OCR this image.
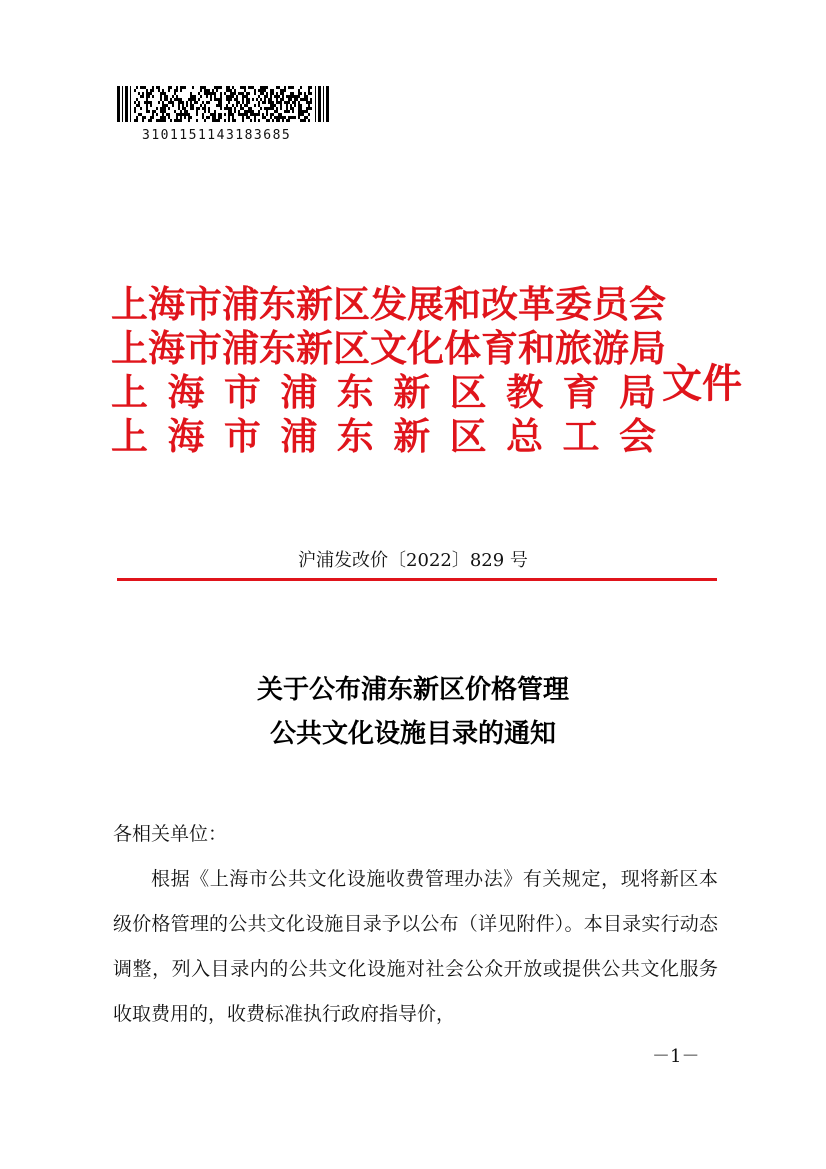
3101151143183685
上 海 市 浦 东 新 区 发 展 和 改 革 委 员 会
上 海 市 浦 东 新 区 文 化 体 育 和 旅 游 局
上 海 市 浦 东 新 区 教 育 局
上 海 市 浦 东 新 区 总 工 会
文件
沪浦发改价〔2022〕829 号
关于公布浦东新区价格管理
公共文化设施目录的通知

各相关单位：

根据《上海市公共文化设施收费管理办法》有关规定，现将新区本级价格管理的公共文化设施目录予以公布（详见附件）。本目录实行动态调整，列入目录内的公共文化设施对社会公众开放或提供公共文化服务收取费用的，收费标准执行政府指导价，

－1－
